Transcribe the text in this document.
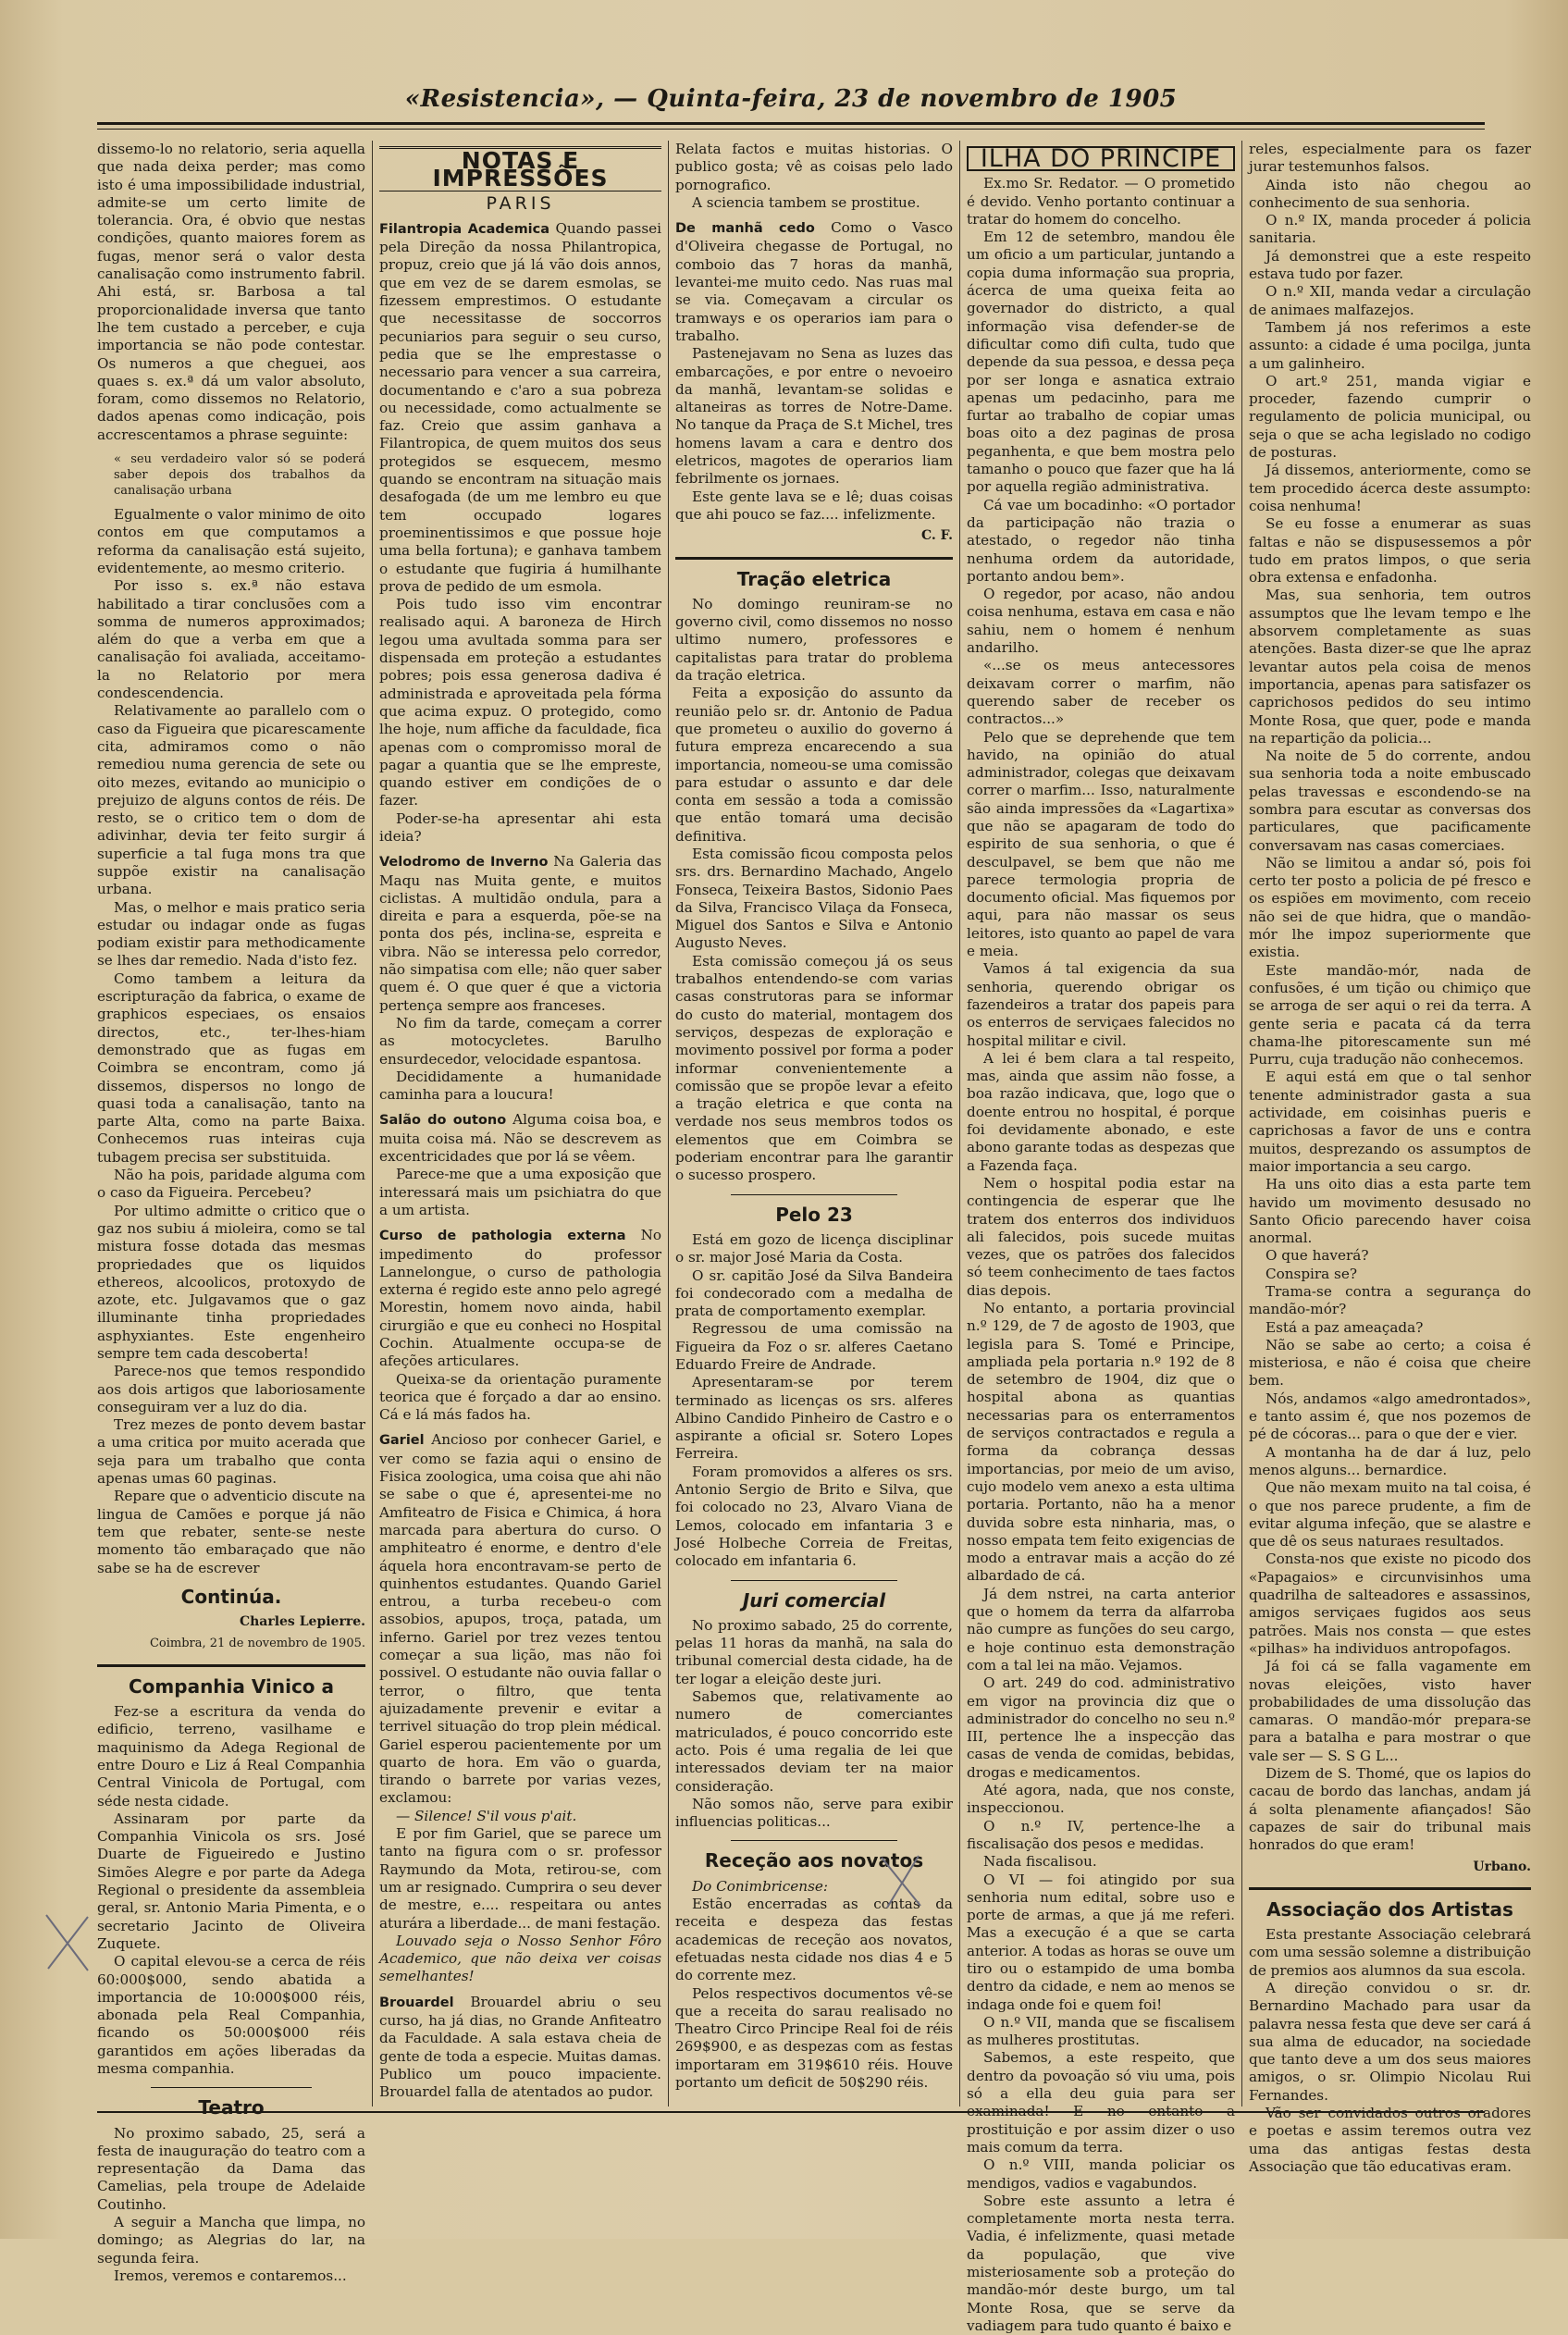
«Resistencia», — Quinta-feira, 23 de novembro de 1905

dissemo-lo no relatorio, seria aquella que nada deixa perder; mas como isto é uma impossibilidade industrial, admite-se um certo limite de tolerancia. Ora, é obvio que nestas condições, quanto maiores forem as fugas, menor será o valor desta canalisação como instrumento fabril. Ahi está, sr. Barbosa a tal proporcionalidade inversa que tanto lhe tem custado a perceber, e cuja importancia se não pode contestar. Os numeros a que cheguei, aos quaes s. ex.ª dá um valor absoluto, foram, como dissemos no Relatorio, dados apenas como indicação, pois accrescentamos a phrase seguinte:

« seu verdadeiro valor só se poderá saber depois dos trabalhos da canalisação urbana

Egualmente o valor minimo de oito contos em que computamos a reforma da canalisação está sujeito, evidentemente, ao mesmo criterio.

Por isso s. ex.ª não estava habilitado a tirar conclusões com a somma de numeros approximados; além do que a verba em que a canalisação foi avaliada, acceitamo-la no Relatorio por mera condescendencia.

Relativamente ao parallelo com o caso da Figueira que picarescamente cita, admiramos como o não remediou numa gerencia de sete ou oito mezes, evitando ao municipio o prejuizo de alguns contos de réis. De resto, se o critico tem o dom de adivinhar, devia ter feito surgir á superficie a tal fuga mons tra que suppõe existir na canalisação urbana.

Mas, o melhor e mais pratico seria estudar ou indagar onde as fugas podiam existir para methodicamente se lhes dar remedio. Nada d'isto fez.

Como tambem a leitura da escripturação da fabrica, o exame de graphicos especiaes, os ensaios directos, etc., ter-lhes-hiam demonstrado que as fugas em Coimbra se encontram, como já dissemos, dispersos no longo de quasi toda a canalisação, tanto na parte Alta, como na parte Baixa. Conhecemos ruas inteiras cuja tubagem precisa ser substituida.

Não ha pois, paridade alguma com o caso da Figueira. Percebeu?

Por ultimo admitte o critico que o gaz nos subiu á mioleira, como se tal mistura fosse dotada das mesmas propriedades que os liquidos ethereos, alcoolicos, protoxydo de azote, etc. Julgavamos que o gaz illuminante tinha propriedades asphyxiantes. Este engenheiro sempre tem cada descoberta!

Parece-nos que temos respondido aos dois artigos que laboriosamente conseguiram ver a luz do dia.

Trez mezes de ponto devem bastar a uma critica por muito acerada que seja para um trabalho que conta apenas umas 60 paginas.

Repare que o adventicio discute na lingua de Camões e porque já não tem que rebater, sente-se neste momento tão embaraçado que não sabe se ha de escrever

Continúa.
Charles Lepierre.
Coimbra, 21 de novembro de 1905.
Companhia Vinico a

Fez-se a escritura da venda do edificio, terreno, vasilhame e maquinismo da Adega Regional de entre Douro e Liz á Real Companhia Central Vinicola de Portugal, com séde nesta cidade.

Assinaram por parte da Companhia Vinicola os srs. José Duarte de Figueiredo e Justino Simões Alegre e por parte da Adega Regional o presidente da assembleia geral, sr. Antonio Maria Pimenta, e o secretario Jacinto de Oliveira Zuquete.

O capital elevou-se a cerca de réis 60:000$000, sendo abatida a importancia de 10:000$000 réis, abonada pela Real Companhia, ficando os 50:000$000 réis garantidos em ações liberadas da mesma companhia.

Teatro

No proximo sabado, 25, será a festa de inauguração do teatro com a representação da Dama das Camelias, pela troupe de Adelaide Coutinho.

A seguir a Mancha que limpa, no domingo; as Alegrias do lar, na segunda feira.

Iremos, veremos e contaremos...

NOTAS E IMPRESSÕES
PARIS

Filantropia Academica Quando passei pela Direção da nossa Philantropica, propuz, creio que já lá vão dois annos, que em vez de se darem esmolas, se fizessem emprestimos. O estudante que necessitasse de soccorros pecuniarios para seguir o seu curso, pedia que se lhe emprestasse o necessario para vencer a sua carreira, documentando e c'aro a sua pobreza ou necessidade, como actualmente se faz. Creio que assim ganhava a Filantropica, de quem muitos dos seus protegidos se esquecem, mesmo quando se encontram na situação mais desafogada (de um me lembro eu que tem occupado logares proeminentissimos e que possue hoje uma bella fortuna); e ganhava tambem o estudante que fugiria á humilhante prova de pedido de um esmola.

Pois tudo isso vim encontrar realisado aqui. A baroneza de Hirch legou uma avultada somma para ser dispensada em proteção a estudantes pobres; pois essa generosa dadiva é administrada e aproveitada pela fórma que acima expuz. O protegido, como lhe hoje, num affiche da faculdade, fica apenas com o compromisso moral de pagar a quantia que se lhe empreste, quando estiver em condições de o fazer.

Poder-se-ha apresentar ahi esta ideia?

Velodromo de Inverno Na Galeria das Maqu nas Muita gente, e muitos ciclistas. A multidão ondula, para a direita e para a esquerda, põe-se na ponta dos pés, inclina-se, espreita e vibra. Não se interessa pelo corredor, não simpatisa com elle; não quer saber quem é. O que quer é que a victoria pertença sempre aos franceses.

No fim da tarde, começam a correr as motocycletes. Barulho ensurdecedor, velocidade espantosa.

Decididamente a humanidade caminha para a loucura!

Salão do outono Alguma coisa boa, e muita coisa má. Não se descrevem as excentricidades que por lá se vêem.

Parece-me que a uma exposição que interessará mais um psichiatra do que a um artista.

Curso de pathologia externa No impedimento do professor Lannelongue, o curso de pathologia externa é regido este anno pelo agregé Morestin, homem novo ainda, habil cirurgião e que eu conheci no Hospital Cochin. Atualmente occupa-se de afeções articulares.

Queixa-se da orientação puramente teorica que é forçado a dar ao ensino. Cá e lá más fados ha.

Gariel Ancioso por conhecer Gariel, e ver como se fazia aqui o ensino de Fisica zoologica, uma coisa que ahi não se sabe o que é, apresentei-me no Amfiteatro de Fisica e Chimica, á hora marcada para abertura do curso. O amphiteatro é enorme, e dentro d'ele áquela hora encontravam-se perto de quinhentos estudantes. Quando Gariel entrou, a turba recebeu-o com assobios, apupos, troça, patada, um inferno. Gariel por trez vezes tentou começar a sua lição, mas não foi possivel. O estudante não ouvia fallar o terror, o filtro, que tenta ajuizadamente prevenir e evitar a terrivel situação do trop plein médical. Gariel esperou pacientemente por um quarto de hora. Em vão o guarda, tirando o barrete por varias vezes, exclamou:

— Silence! S'il vous p'ait.

E por fim Gariel, que se parece um tanto na figura com o sr. professor Raymundo da Mota, retirou-se, com um ar resignado. Cumprira o seu dever de mestre, e.... respeitara ou antes aturára a liberdade... de mani festação.

Louvado seja o Nosso Senhor Fôro Academico, que não deixa ver coisas semelhantes!

Brouardel Brouardel abriu o seu curso, ha já dias, no Grande Anfiteatro da Faculdade. A sala estava cheia de gente de toda a especie. Muitas damas. Publico um pouco impaciente. Brouardel falla de atentados ao pudor.

Relata factos e muitas historias. O publico gosta; vê as coisas pelo lado pornografico.

A sciencia tambem se prostitue.

De manhã cedo Como o Vasco d'Oliveira chegasse de Portugal, no comboio das 7 horas da manhã, levantei-me muito cedo. Nas ruas mal se via. Começavam a circular os tramways e os operarios iam para o trabalho.

Pastenejavam no Sena as luzes das embarcações, e por entre o nevoeiro da manhã, levantam-se solidas e altaneiras as torres de Notre-Dame. No tanque da Praça de S.t Michel, tres homens lavam a cara e dentro dos eletricos, magotes de operarios liam febrilmente os jornaes.

Este gente lava se e lê; duas coisas que ahi pouco se faz.... infelizmente.

C. F.
Tração eletrica

No domingo reuniram-se no governo civil, como dissemos no nosso ultimo numero, professores e capitalistas para tratar do problema da tração eletrica.

Feita a exposição do assunto da reunião pelo sr. dr. Antonio de Padua que prometeu o auxilio do governo á futura empreza encarecendo a sua importancia, nomeou-se uma comissão para estudar o assunto e dar dele conta em sessão a toda a comissão que então tomará uma decisão definitiva.

Esta comissão ficou composta pelos srs. drs. Bernardino Machado, Angelo Fonseca, Teixeira Bastos, Sidonio Paes da Silva, Francisco Vilaça da Fonseca, Miguel dos Santos e Silva e Antonio Augusto Neves.

Esta comissão começou já os seus trabalhos entendendo-se com varias casas construtoras para se informar do custo do material, montagem dos serviços, despezas de exploração e movimento possivel por forma a poder informar convenientemente a comissão que se propõe levar a efeito a tração eletrica e que conta na verdade nos seus membros todos os elementos que em Coimbra se poderiam encontrar para lhe garantir o sucesso prospero.

Pelo 23

Está em gozo de licença disciplinar o sr. major José Maria da Costa.

O sr. capitão José da Silva Bandeira foi condecorado com a medalha de prata de comportamento exemplar.

Regressou de uma comissão na Figueira da Foz o sr. alferes Caetano Eduardo Freire de Andrade.

Apresentaram-se por terem terminado as licenças os srs. alferes Albino Candido Pinheiro de Castro e o aspirante a oficial sr. Sotero Lopes Ferreira.

Foram promovidos a alferes os srs. Antonio Sergio de Brito e Silva, que foi colocado no 23, Alvaro Viana de Lemos, colocado em infantaria 3 e José Holbeche Correia de Freitas, colocado em infantaria 6.

Juri comercial

No proximo sabado, 25 do corrente, pelas 11 horas da manhã, na sala do tribunal comercial desta cidade, ha de ter logar a eleição deste juri.

Sabemos que, relativamente ao numero de comerciantes matriculados, é pouco concorrido este acto. Pois é uma regalia de lei que interessados deviam ter na maior consideração.

Não somos não, serve para exibir influencias politicas...

Receção aos novatos

Do Conimbricense:

Estão encerradas as contas da receita e despeza das festas academicas de receção aos novatos, efetuadas nesta cidade nos dias 4 e 5 do corrente mez.

Pelos respectivos documentos vê-se que a receita do sarau realisado no Theatro Circo Principe Real foi de réis 269$900, e as despezas com as festas importaram em 319$610 réis. Houve portanto um deficit de 50$290 réis.

ILHA DO PRINCIPE

Ex.mo Sr. Redator. — O prometido é devido. Venho portanto continuar a tratar do homem do concelho.

Em 12 de setembro, mandou êle um oficio a um particular, juntando a copia duma informação sua propria, ácerca de uma queixa feita ao governador do districto, a qual informação visa defender-se de dificultar como difi culta, tudo que depende da sua pessoa, e dessa peça por ser longa e asnatica extraio apenas um pedacinho, para me furtar ao trabalho de copiar umas boas oito a dez paginas de prosa peganhenta, e que bem mostra pelo tamanho o pouco que fazer que ha lá por aquella região administrativa.

Cá vae um bocadinho: «O portador da participação não trazia o atestado, o regedor não tinha nenhuma ordem da autoridade, portanto andou bem».

O regedor, por acaso, não andou coisa nenhuma, estava em casa e não sahiu, nem o homem é nenhum andarilho.

«...se os meus antecessores deixavam correr o marfim, não querendo saber de receber os contractos...»

Pelo que se deprehende que tem havido, na opinião do atual administrador, colegas que deixavam correr o marfim... Isso, naturalmente são ainda impressões da «Lagartixa» que não se apagaram de todo do espirito de sua senhoria, o que é desculpavel, se bem que não me parece termologia propria de documento oficial. Mas fiquemos por aqui, para não massar os seus leitores, isto quanto ao papel de vara e meia.

Vamos á tal exigencia da sua senhoria, querendo obrigar os fazendeiros a tratar dos papeis para os enterros de serviçaes falecidos no hospital militar e civil.

A lei é bem clara a tal respeito, mas, ainda que assim não fosse, a boa razão indicava, que, logo que o doente entrou no hospital, é porque foi devidamente abonado, e este abono garante todas as despezas que a Fazenda faça.

Nem o hospital podia estar na contingencia de esperar que lhe tratem dos enterros dos individuos ali falecidos, pois sucede muitas vezes, que os patrões dos falecidos só teem conhecimento de taes factos dias depois.

No entanto, a portaria provincial n.º 129, de 7 de agosto de 1903, que legisla para S. Tomé e Principe, ampliada pela portaria n.º 192 de 8 de setembro de 1904, diz que o hospital abona as quantias necessarias para os enterramentos de serviços contractados e regula a forma da cobrança dessas importancias, por meio de um aviso, cujo modelo vem anexo a esta ultima portaria. Portanto, não ha a menor duvida sobre esta ninharia, mas, o nosso empata tem feito exigencias de modo a entravar mais a acção do zé albardado de cá.

Já dem nstrei, na carta anterior que o homem da terra da alfarroba não cumpre as funções do seu cargo, e hoje continuo esta demonstração com a tal lei na mão. Vejamos.

O art. 249 do cod. administrativo em vigor na provincia diz que o administrador do concelho no seu n.º III, pertence lhe a inspecção das casas de venda de comidas, bebidas, drogas e medicamentos.

Até agora, nada, que nos conste, inspeccionou.

O n.º IV, pertence-lhe a fiscalisação dos pesos e medidas.

Nada fiscalisou.

O VI — foi atingido por sua senhoria num edital, sobre uso e porte de armas, a que já me referi. Mas a execução é a que se carta anterior. A todas as horas se ouve um tiro ou o estampido de uma bomba dentro da cidade, e nem ao menos se indaga onde foi e quem foi!

O n.º VII, manda que se fiscalisem as mulheres prostitutas.

Sabemos, a este respeito, que dentro da povoação só viu uma, pois só a ella deu guia para ser examinada! E no entanto a prostituição e por assim dizer o uso mais comum da terra.

O n.º VIII, manda policiar os mendigos, vadios e vagabundos.

Sobre este assunto a letra é completamente morta nesta terra. Vadia, é infelizmente, quasi metade da população, que vive misteriosamente sob a proteção do mandão-mór deste burgo, um tal Monte Rosa, que se serve da vadiagem para tudo quanto é baixo e

reles, especialmente para os fazer jurar testemunhos falsos.

Ainda isto não chegou ao conhecimento de sua senhoria.

O n.º IX, manda proceder á policia sanitaria.

Já demonstrei que a este respeito estava tudo por fazer.

O n.º XII, manda vedar a circulação de animaes malfazejos.

Tambem já nos referimos a este assunto: a cidade é uma pocilga, junta a um galinheiro.

O art.º 251, manda vigiar e proceder, fazendo cumprir o regulamento de policia municipal, ou seja o que se acha legislado no codigo de posturas.

Já dissemos, anteriormente, como se tem procedido ácerca deste assumpto: coisa nenhuma!

Se eu fosse a enumerar as suas faltas e não se dispusessemos a pôr tudo em pratos limpos, o que seria obra extensa e enfadonha.

Mas, sua senhoria, tem outros assumptos que lhe levam tempo e lhe absorvem completamente as suas atenções. Basta dizer-se que lhe apraz levantar autos pela coisa de menos importancia, apenas para satisfazer os caprichosos pedidos do seu intimo Monte Rosa, que quer, pode e manda na repartição da policia...

Na noite de 5 do corrente, andou sua senhoria toda a noite embuscado pelas travessas e escondendo-se na sombra para escutar as conversas dos particulares, que pacificamente conversavam nas casas comerciaes.

Não se limitou a andar só, pois foi certo ter posto a policia de pé fresco e os espiões em movimento, com receio não sei de que hidra, que o mandão-mór lhe impoz superiormente que existia.

Este mandão-mór, nada de confusões, é um tição ou chimiço que se arroga de ser aqui o rei da terra. A gente seria e pacata cá da terra chama-lhe pitorescamente sun mé Purru, cuja tradução não conhecemos.

E aqui está em que o tal senhor tenente administrador gasta a sua actividade, em coisinhas pueris e caprichosas a favor de uns e contra muitos, desprezando os assumptos de maior importancia a seu cargo.

Ha uns oito dias a esta parte tem havido um movimento desusado no Santo Oficio parecendo haver coisa anormal.

O que haverá?

Conspira se?

Trama-se contra a segurança do mandão-mór?

Está a paz ameaçada?

Não se sabe ao certo; a coisa é misteriosa, e não é coisa que cheire bem.

Nós, andamos «algo amedrontados», e tanto assim é, que nos pozemos de pé de cócoras... para o que der e vier.

A montanha ha de dar á luz, pelo menos alguns... bernardice.

Que não mexam muito na tal coisa, é o que nos parece prudente, a fim de evitar alguma infeção, que se alastre e que dê os seus naturaes resultados.

Consta-nos que existe no picodo dos «Papagaios» e circunvisinhos uma quadrilha de salteadores e assassinos, amigos serviçaes fugidos aos seus patrões. Mais nos consta — que estes «pilhas» ha individuos antropofagos.

Já foi cá se falla vagamente em novas eleições, visto haver probabilidades de uma dissolução das camaras. O mandão-mór prepara-se para a batalha e para mostrar o que vale ser — S. S G L...

Dizem de S. Thomé, que os lapios do cacau de bordo das lanchas, andam já á solta plenamente afiançados! São capazes de sair do tribunal mais honrados do que eram!

Urbano.
Associação dos Artistas

Esta prestante Associação celebrará com uma sessão solemne a distribuição de premios aos alumnos da sua escola.

A direção convidou o sr. dr. Bernardino Machado para usar da palavra nessa festa que deve ser cará á sua alma de educador, na sociedade que tanto deve a um dos seus maiores amigos, o sr. Olimpio Nicolau Rui Fernandes.

Vão ser convidados outros oradores e poetas e assim teremos outra vez uma das antigas festas desta Associação que tão educativas eram.
